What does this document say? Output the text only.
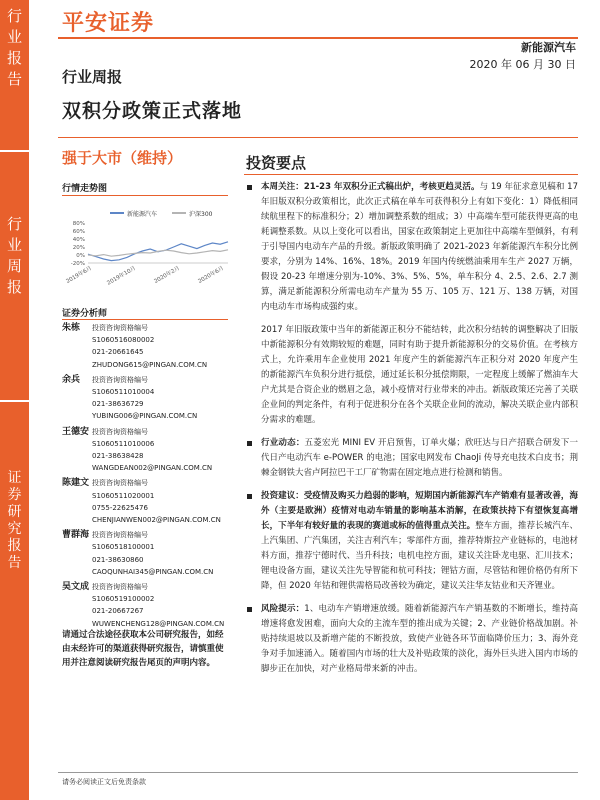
行
业
报
告
行
业
周
报
证
券
研
究
报
告
平安证券
新能源汽车
2020 年 06 月 30 日
行业周报
双积分政策正式落地
强于大市（维持）
行情走势图
新能源汽车	沪深300
80%
60%
40%
20%
0%
-20%
2019年6月 2019年10月	2020年2月	2020年6月
证券分析师
朱栋	投资咨询资格编号
S1060516080002
021-20661645
ZHUDONG615@PINGAN.COM.CN
余兵	投资咨询资格编号
S1060511010004
021-38636729
YUBING006@PINGAN.COM.CN
王德安 投资咨询资格编号
S1060511010006
021-38638428
WANGDEAN002@PINGAN.COM.CN
陈建文 投资咨询资格编号
S1060511020001
0755-22625476
CHENJIANWEN002@PINGAN.COM.CN
曹群海 投资咨询资格编号
S1060518100001
021-38630860
CAOQUNHAI345@PINGAN.COM.CN
吴文成 投资咨询资格编号
S1060519100002
021-20667267
WUWENCHENG128@PINGAN.COM.CN
请通过合法途径获取本公司研究报告，如经由未经许可的渠道获得研究报告，请慎重使用并注意阅读研究报告尾页的声明内容。
投资要点
本周关注：21-23 年双积分正式稿出炉，考核更趋灵活。与 19 年征求意见稿和 17 年旧版双积分政策相比，此次正式稿在单车可获得积分上有如下变化：1）降低相同续航里程下的标准积分；2）增加调整系数的组成；3）中高端车型可能获得更高的电耗调整系数。从以上变化可以看出，国家在政策制定上更加往中高端车型倾斜，有利于引导国内电动车产品的升级。新版政策明确了 2021-2023 年新能源汽车积分比例要求，分别为 14%、16%、18%。2019 年国内传统燃油乘用车生产 2027 万辆，假设 20-23 年增速分别为-10%、3%、5%、5%，单车积分 4、2.5、2.6、2.7 测算，满足新能源积分所需电动车产量为 55 万、105 万、121 万、138 万辆，对国内电动车市场构成强约束。
2017 年旧版政策中当年的新能源正积分不能结转，此次积分结转的调整解决了旧版中新能源积分有效期较短的难题，同时有助于提升新能源积分的交易价值。在考核方式上，允许乘用车企业使用 2021 年度产生的新能源汽车正积分对 2020 年度产生的新能源汽车负积分进行抵偿，通过延长积分抵偿期限，一定程度上缓解了燃油车大户尤其是合资企业的燃眉之急，减小疫情对行业带来的冲击。新版政策还完善了关联企业间的判定条件，有利于促进积分在各个关联企业间的流动，解决关联企业内部积分需求的难题。
行业动态：五菱宏光 MINI EV 开启预售，订单火爆；欣旺达与日产招联合研发下一代日产电动汽车 e-POWER 的电池；国家电网发布 ChaoJi 传导充电技术白皮书；荆棘金钢铁大省卢阿拉巴干工厂矿物需在固定地点进行检测和销售。
投资建议：受疫情及购买力趋弱的影响，短期国内新能源汽车产销难有显著改善，海外（主要是欧洲）疫情对电动车销量的影响基本消解，在政策扶持下有望恢复高增长，下半年有较好量的表现的赛道或标的值得重点关注。整车方面，推荐长城汽车、上汽集团、广汽集团，关注吉利汽车；零部件方面，推荐特斯拉产业链标的，电池材料方面，推荐宁德时代、当升科技；电机电控方面，建议关注卧龙电驱、汇川技术；锂电设备方面，建议关注先导智能和杭可科技；锂钴方面，尽管钴和锂价格仍有所下降，但 2020 年钴和锂供需格局改善较为确定，建议关注华友钴业和天齐锂业。
风险提示：1、电动车产销增速放缓。随着新能源汽车产销基数的不断增长，维持高增速将愈发困难，面向大众的主流车型的推出成为关键；2、产业链价格战加剧。补贴持续退坡以及新增产能的不断投放，致使产业链各环节面临降价压力；3、海外竞争对手加速涌入。随着国内市场的壮大及补贴政策的淡化，海外巨头进入国内市场的脚步正在加快，对产业格局带来新的冲击。
请务必阅读正文后免责条款
